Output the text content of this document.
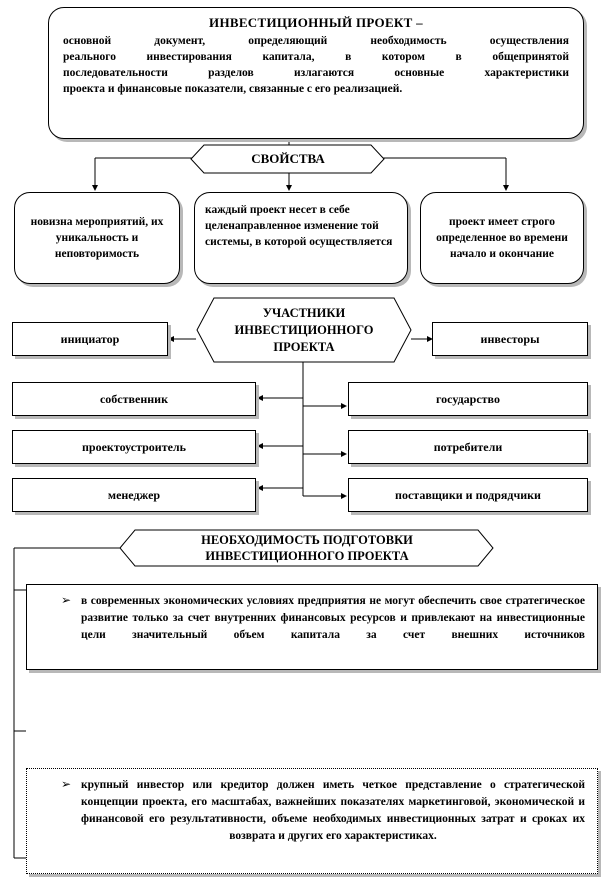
ИНВЕСТИЦИОННЫЙ ПРОЕКТ –
основной документ, определяющий необходимость осуществления
реального инвестирования капитала, в котором в общепринятой
последовательности разделов излагаются основные характеристики
проекта и финансовые показатели, связанные с его реализацией.
СВОЙСТВА
новизна мероприятий, их уникальность и неповторимость
каждый проект несет в себе целенаправленное изменение той системы, в которой осуществляется
проект имеет строго определенное во времени начало и окончание
УЧАСТНИКИ ИНВЕСТИЦИОННОГО ПРОЕКТА
инициатор
собственник
проектоустроитель
менеджер
инвесторы
государство
потребители
поставщики и подрядчики
НЕОБХОДИМОСТЬ ПОДГОТОВКИ
ИНВЕСТИЦИОННОГО ПРОЕКТА
➢ в современных экономических условиях предприятия не могут обеспечить свое стратегическое развитие только за счет внутренних финансовых ресурсов и привлекают на инвестиционные цели значительный объем капитала за счет внешних источников
➢ крупный инвестор или кредитор должен иметь четкое представление о стратегической концепции проекта, его масштабах, важнейших показателях маркетинговой, экономической и финансовой его результативности, объеме необходимых инвестиционных затрат и сроках их возврата и других его характеристиках.
